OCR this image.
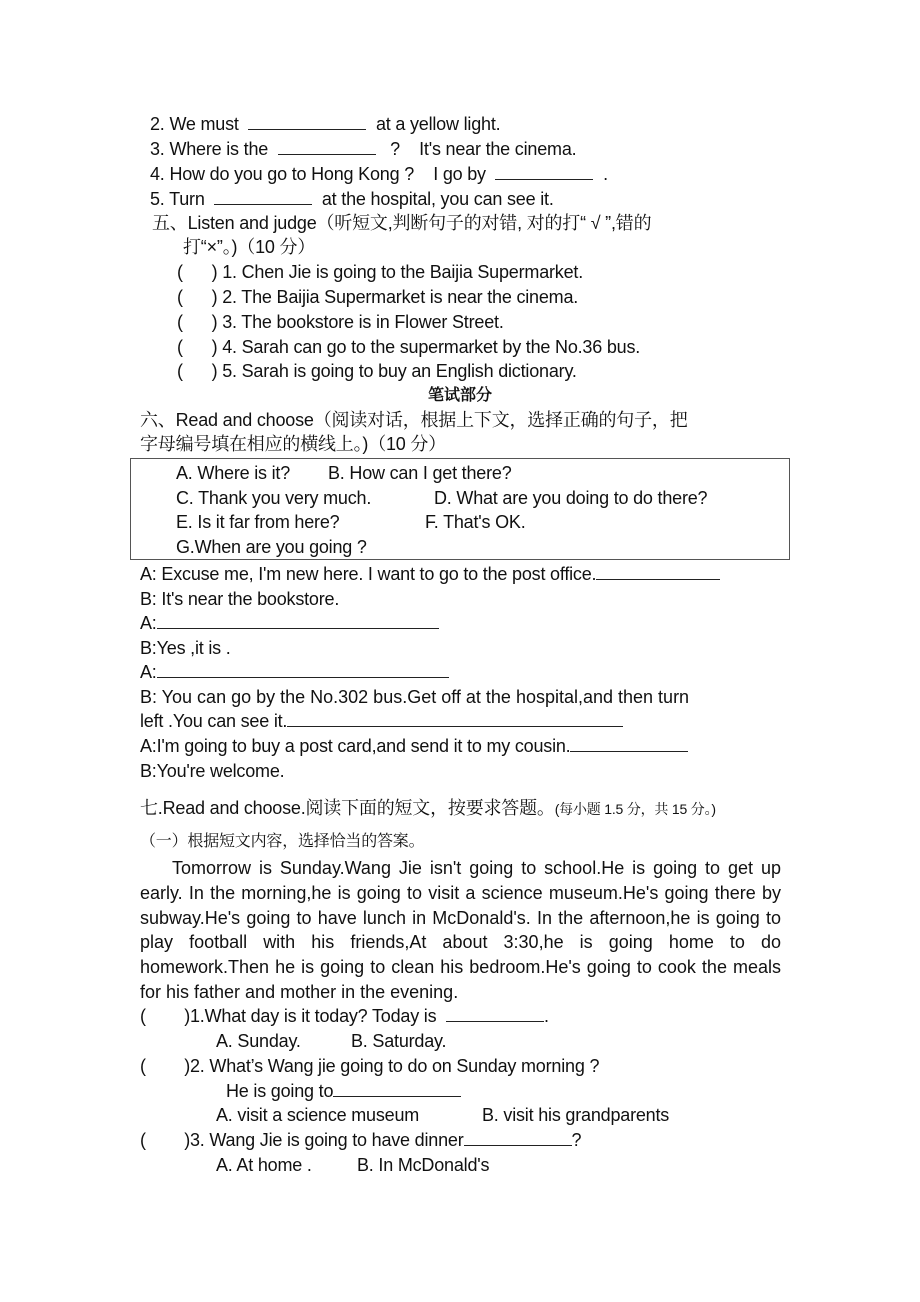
2. We must	at a yellow light.
3. Where is the	?    It's near the cinema.
4. How do you go to Hong Kong ?    I go by	.
5. Turn	at the hospital, you can see it.
五、Listen and judge（听短文,判断句子的对错, 对的打“ √ ”,错的
打“×”。)（10 分）
(      ) 1. Chen Jie is going to the Baijia Supermarket.
(      ) 2. The Baijia Supermarket is near the cinema.
(      ) 3. The bookstore is in Flower Street.
(      ) 4. Sarah can go to the supermarket by the No.36 bus.
(      ) 5. Sarah is going to buy an English dictionary.
笔试部分
六、Read and choose（阅读对话，根据上下文，选择正确的句子，把
字母编号填在相应的横线上。)（10 分）
A. Where is it? B. How can I get there?
C. Thank you very much.	D. What are you doing to do there?
E. Is it far from here?	F. That's OK.
G.When are you going ?
A: Excuse me, I'm new here. I want to go to the post office.
B: It's near the bookstore.
A:
B:Yes ,it is .
A:
B: You can go by the No.302 bus.Get off at the hospital,and then turn
left .You can see it.
A:I'm going to buy a post card,and send it to my cousin.
B:You're welcome.
七.Read and choose.阅读下面的短文，按要求答题。(每小题 1.5 分，共 15 分。)
（一）根据短文内容，选择恰当的答案。
Tomorrow is Sunday.Wang Jie isn't going to school.He is going to get up early. In the morning,he is going to visit a science museum.He's going there by subway.He's going to have lunch in McDonald's. In the afternoon,he is going to play football with his friends,At about 3:30,he is going home to do homework.Then he is going to clean his bedroom.He's going to cook the meals for his father and mother in the evening.
(        )1.What day is it today? Today is	.
A. Sunday.	B. Saturday.
(        )2. What’s Wang jie going to do on Sunday morning ?
He is going to
A. visit a science museum	B. visit his grandparents
(        )3. Wang Jie is going to have dinner	?
A. At home .	B. In McDonald's
